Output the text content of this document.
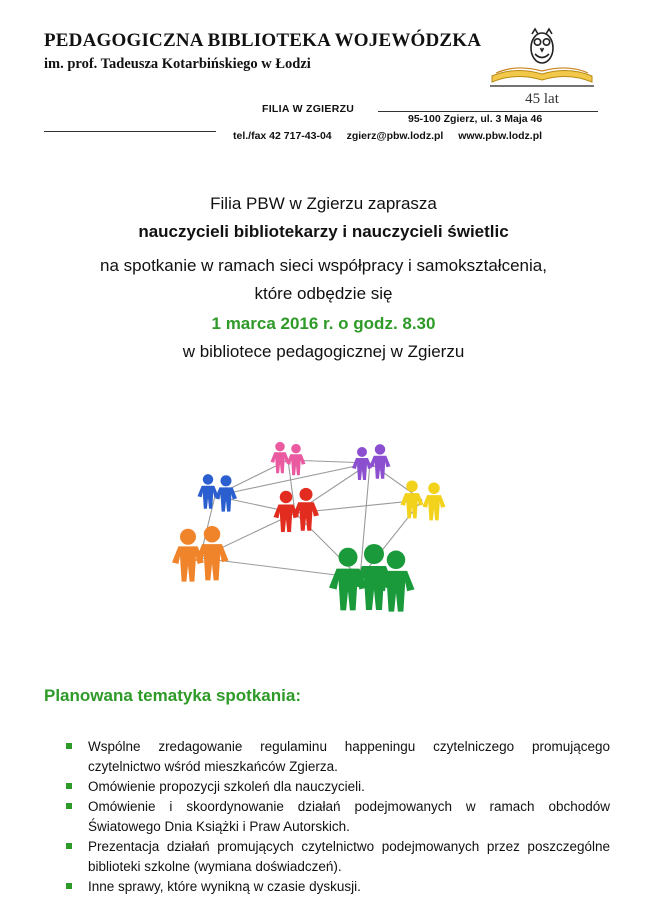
PEDAGOGICZNA BIBLIOTEKA WOJEWÓDZKA
im. prof. Tadeusza Kotarbińskiego w Łodzi
45 lat
FILIA W ZGIERZU
95-100 Zgierz, ul. 3 Maja 46
tel./fax 42 717-43-04 zgierz@pbw.lodz.pl www.pbw.lodz.pl
Filia PBW w Zgierzu zaprasza
nauczycieli bibliotekarzy i nauczycieli świetlic
na spotkanie w ramach sieci współpracy i samokształcenia,
które odbędzie się
1 marca 2016 r. o godz. 8.30
w bibliotece pedagogicznej w Zgierzu
Planowana tematyka spotkania:
Wspólne zredagowanie regulaminu happeningu czytelniczego promującego czytelnictwo wśród mieszkańców Zgierza.
Omówienie propozycji szkoleń dla nauczycieli.
Omówienie i skoordynowanie działań podejmowanych w ramach obchodów Światowego Dnia Książki i Praw Autorskich.
Prezentacja działań promujących czytelnictwo podejmowanych przez poszczególne biblioteki szkolne (wymiana doświadczeń).
Inne sprawy, które wynikną w czasie dyskusji.
